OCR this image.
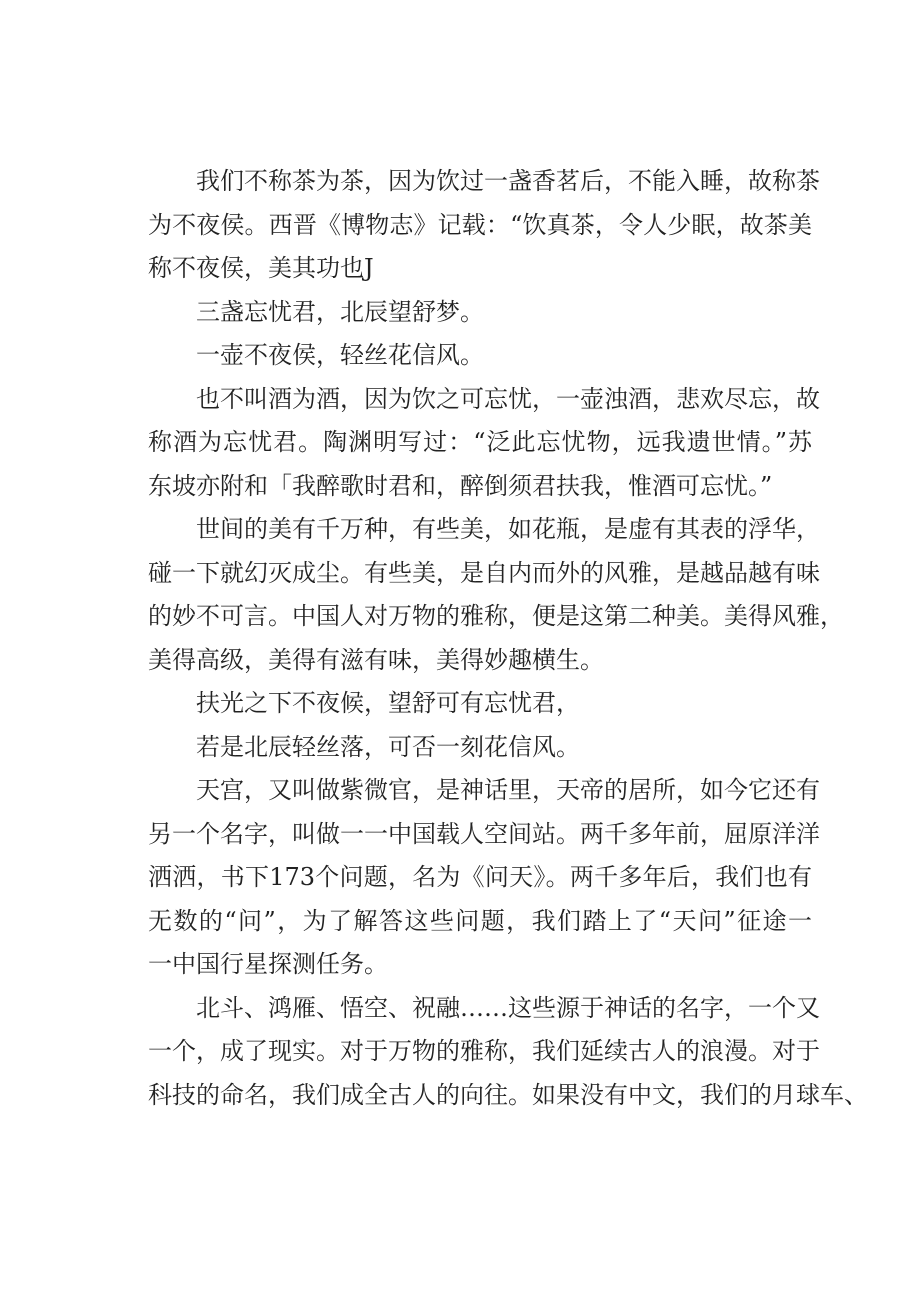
我们不称茶为茶，因为饮过一盏香茗后，不能入睡，故称茶

为不夜侯。西晋《博物志》记载：“饮真茶，令人少眠，故茶美

称不夜侯，美其功也J

三盏忘忧君，北辰望舒梦。

一壶不夜侯，轻丝花信风。

也不叫酒为酒，因为饮之可忘忧，一壶浊酒，悲欢尽忘，故

称酒为忘忧君。陶渊明写过：“泛此忘忧物，远我遗世情。”苏

东坡亦附和「我醉歌时君和，醉倒须君扶我，惟酒可忘忧。”

世间的美有千万种，有些美，如花瓶，是虚有其表的浮华，

碰一下就幻灭成尘。有些美，是自内而外的风雅，是越品越有味

的妙不可言。中国人对万物的雅称，便是这第二种美。美得风雅，

美得高级，美得有滋有味，美得妙趣横生。

扶光之下不夜候，望舒可有忘忧君，

若是北辰轻丝落，可否一刻花信风。

天宫，又叫做紫微官，是神话里，天帝的居所，如今它还有

另一个名字，叫做一一中国载人空间站。两千多年前，屈原洋洋

洒洒，书下173个问题，名为《问天》。两千多年后，我们也有

无数的“问”，为了解答这些问题，我们踏上了“天问”征途一

一中国行星探测任务。

北斗、鸿雁、悟空、祝融……这些源于神话的名字，一个又

一个，成了现实。对于万物的雅称，我们延续古人的浪漫。对于

科技的命名，我们成全古人的向往。如果没有中文，我们的月球车、
